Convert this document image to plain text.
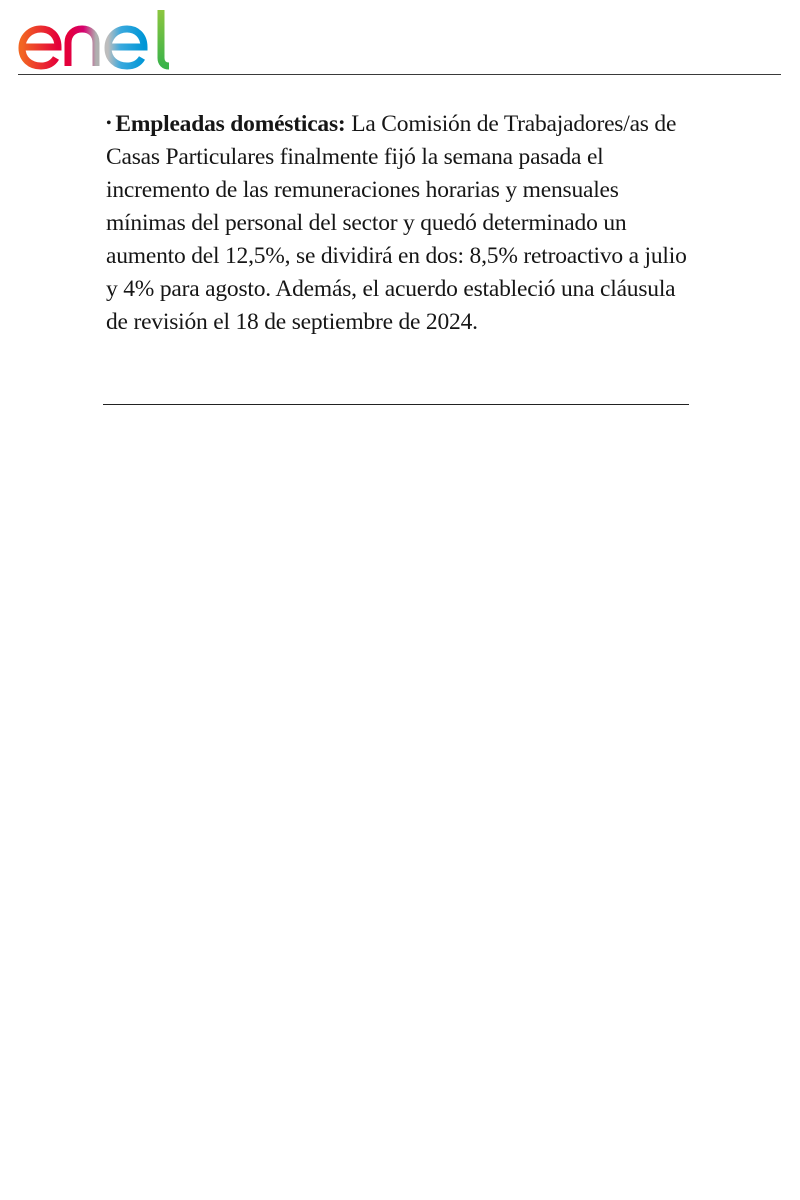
• Empleadas domésticas: La Comisión de Trabajadores/as de Casas Particulares finalmente fijó la semana pasada el incremento de las remuneraciones horarias y mensuales mínimas del personal del sector y quedó determinado un aumento del 12,5%, se dividirá en dos: 8,5% retroactivo a julio y 4% para agosto. Además, el acuerdo estableció una cláusula de revisión el 18 de septiembre de 2024.
